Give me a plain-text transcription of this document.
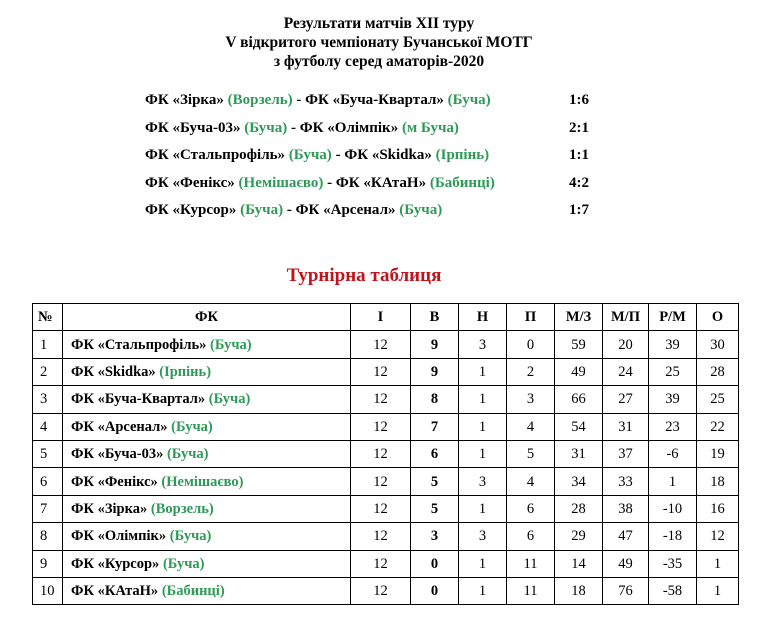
Результати матчів ХІІ туру
V відкритого чемпіонату Бучанської МОТГ
з футболу серед аматорів-2020
ФК «Зірка» (Ворзель) - ФК «Буча-Квартал» (Буча)	1:6
ФК «Буча-03» (Буча) - ФК «Олімпік» (м Буча)	2:1
ФК «Стальпрофіль» (Буча) - ФК «Skidka» (Ірпінь)	1:1
ФК «Фенікс» (Немішаєво) - ФК «КАтаН» (Бабинці)	4:2
ФК «Курсор» (Буча) - ФК «Арсенал» (Буча)	1:7
Турнірна таблиця
№	ФК	І	В	Н	П	М/З	М/П	Р/М	О
1	ФК «Стальпрофіль» (Буча)	12	9	3	0	59	20	39	30
2	ФК «Skidka» (Ірпінь)	12	9	1	2	49	24	25	28
3	ФК «Буча-Квартал» (Буча)	12	8	1	3	66	27	39	25
4	ФК «Арсенал» (Буча)	12	7	1	4	54	31	23	22
5	ФК «Буча-03» (Буча)	12	6	1	5	31	37	-6	19
6	ФК «Фенікс» (Немішаєво)	12	5	3	4	34	33	1	18
7	ФК «Зірка» (Ворзель)	12	5	1	6	28	38	-10	16
8	ФК «Олімпік» (Буча)	12	3	3	6	29	47	-18	12
9	ФК «Курсор» (Буча)	12	0	1	11	14	49	-35	1
10	ФК «КАтаН» (Бабинці)	12	0	1	11	18	76	-58	1
